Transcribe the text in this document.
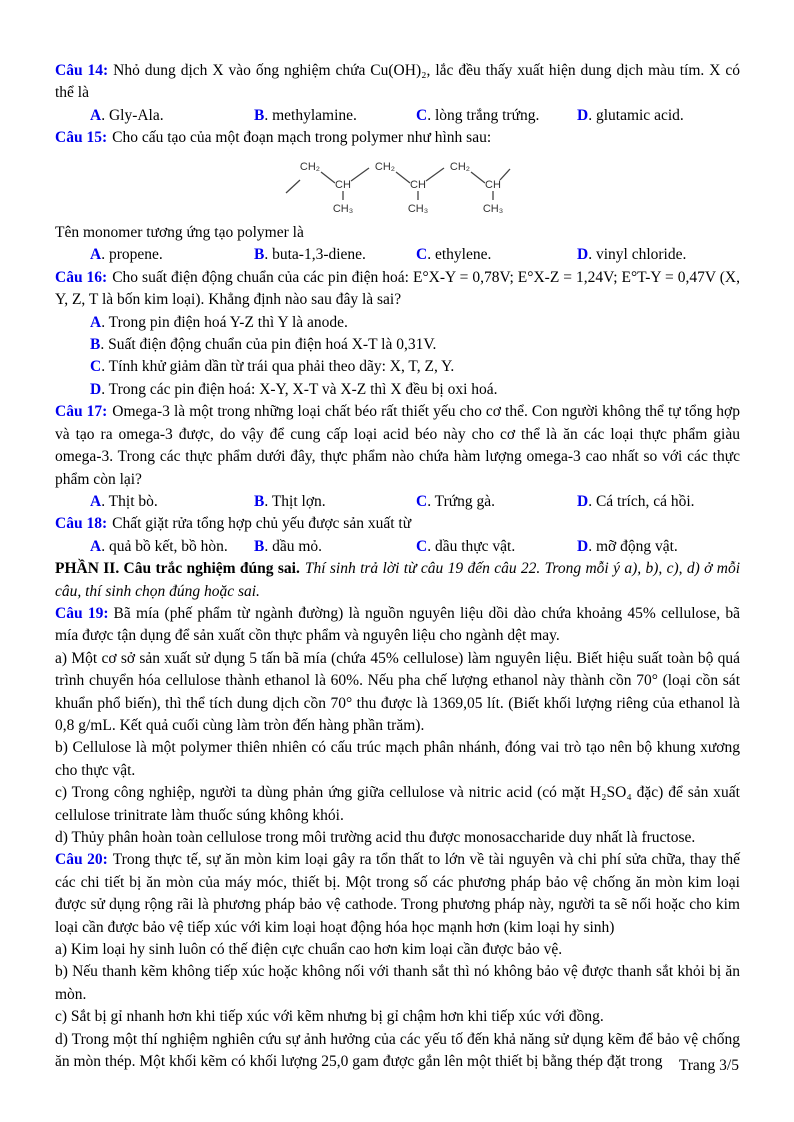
Câu 14: Nhỏ dung dịch X vào ống nghiệm chứa Cu(OH)₂, lắc đều thấy xuất hiện dung dịch màu tím. X có thể là

A. Gly-Ala.	B. methylamine.	C. lòng trắng trứng.	D. glutamic acid.

Câu 15: Cho cấu tạo của một đoạn mạch trong polymer như hình sau:

CH₂	CH₂	CH₂
CH	CH	CH
CH₃	CH₃	CH₃

Tên monomer tương ứng tạo polymer là

A. propene.	B. buta-1,3-diene.	C. ethylene.	D. vinyl chloride.

Câu 16: Cho suất điện động chuẩn của các pin điện hoá: E°X-Y = 0,78V; E°X-Z = 1,24V; E°T-Y = 0,47V (X, Y, Z, T là bốn kim loại). Khẳng định nào sau đây là sai?

A. Trong pin điện hoá Y-Z thì Y là anode.
B. Suất điện động chuẩn của pin điện hoá X-T là 0,31V.
C. Tính khử giảm dần từ trái qua phải theo dãy: X, T, Z, Y.
D. Trong các pin điện hoá: X-Y, X-T và X-Z thì X đều bị oxi hoá.

Câu 17: Omega-3 là một trong những loại chất béo rất thiết yếu cho cơ thể. Con người không thể tự tổng hợp và tạo ra omega-3 được, do vậy để cung cấp loại acid béo này cho cơ thể là ăn các loại thực phẩm giàu omega-3. Trong các thực phẩm dưới đây, thực phẩm nào chứa hàm lượng omega-3 cao nhất so với các thực phẩm còn lại?

A. Thịt bò.	B. Thịt lợn.	C. Trứng gà.	D. Cá trích, cá hồi.

Câu 18: Chất giặt rửa tổng hợp chủ yếu được sản xuất từ

A. quả bồ kết, bồ hòn.	B. dầu mỏ.	C. dầu thực vật.	D. mỡ động vật.

PHẦN II. Câu trắc nghiệm đúng sai. Thí sinh trả lời từ câu 19 đến câu 22. Trong mỗi ý a), b), c), d) ở mỗi câu, thí sinh chọn đúng hoặc sai.

Câu 19: Bã mía (phế phẩm từ ngành đường) là nguồn nguyên liệu dồi dào chứa khoảng 45% cellulose, bã mía được tận dụng để sản xuất cồn thực phẩm và nguyên liệu cho ngành dệt may.

a) Một cơ sở sản xuất sử dụng 5 tấn bã mía (chứa 45% cellulose) làm nguyên liệu. Biết hiệu suất toàn bộ quá trình chuyển hóa cellulose thành ethanol là 60%. Nếu pha chế lượng ethanol này thành cồn 70° (loại cồn sát khuẩn phổ biến), thì thể tích dung dịch cồn 70° thu được là 1369,05 lít. (Biết khối lượng riêng của ethanol là 0,8 g/mL. Kết quả cuối cùng làm tròn đến hàng phần trăm).

b) Cellulose là một polymer thiên nhiên có cấu trúc mạch phân nhánh, đóng vai trò tạo nên bộ khung xương cho thực vật.

c) Trong công nghiệp, người ta dùng phản ứng giữa cellulose và nitric acid (có mặt H₂SO₄ đặc) để sản xuất cellulose trinitrate làm thuốc súng không khói.

d) Thủy phân hoàn toàn cellulose trong môi trường acid thu được monosaccharide duy nhất là fructose.

Câu 20: Trong thực tế, sự ăn mòn kim loại gây ra tổn thất to lớn về tài nguyên và chi phí sửa chữa, thay thế các chi tiết bị ăn mòn của máy móc, thiết bị. Một trong số các phương pháp bảo vệ chống ăn mòn kim loại được sử dụng rộng rãi là phương pháp bảo vệ cathode. Trong phương pháp này, người ta sẽ nối hoặc cho kim loại cần được bảo vệ tiếp xúc với kim loại hoạt động hóa học mạnh hơn (kim loại hy sinh)

a) Kim loại hy sinh luôn có thế điện cực chuẩn cao hơn kim loại cần được bảo vệ.

b) Nếu thanh kẽm không tiếp xúc hoặc không nối với thanh sắt thì nó không bảo vệ được thanh sắt khỏi bị ăn mòn.

c) Sắt bị gỉ nhanh hơn khi tiếp xúc với kẽm nhưng bị gỉ chậm hơn khi tiếp xúc với đồng.

d) Trong một thí nghiệm nghiên cứu sự ảnh hưởng của các yếu tố đến khả năng sử dụng kẽm để bảo vệ chống ăn mòn thép. Một khối kẽm có khối lượng 25,0 gam được gắn lên một thiết bị bằng thép đặt trong	Trang 3/5
